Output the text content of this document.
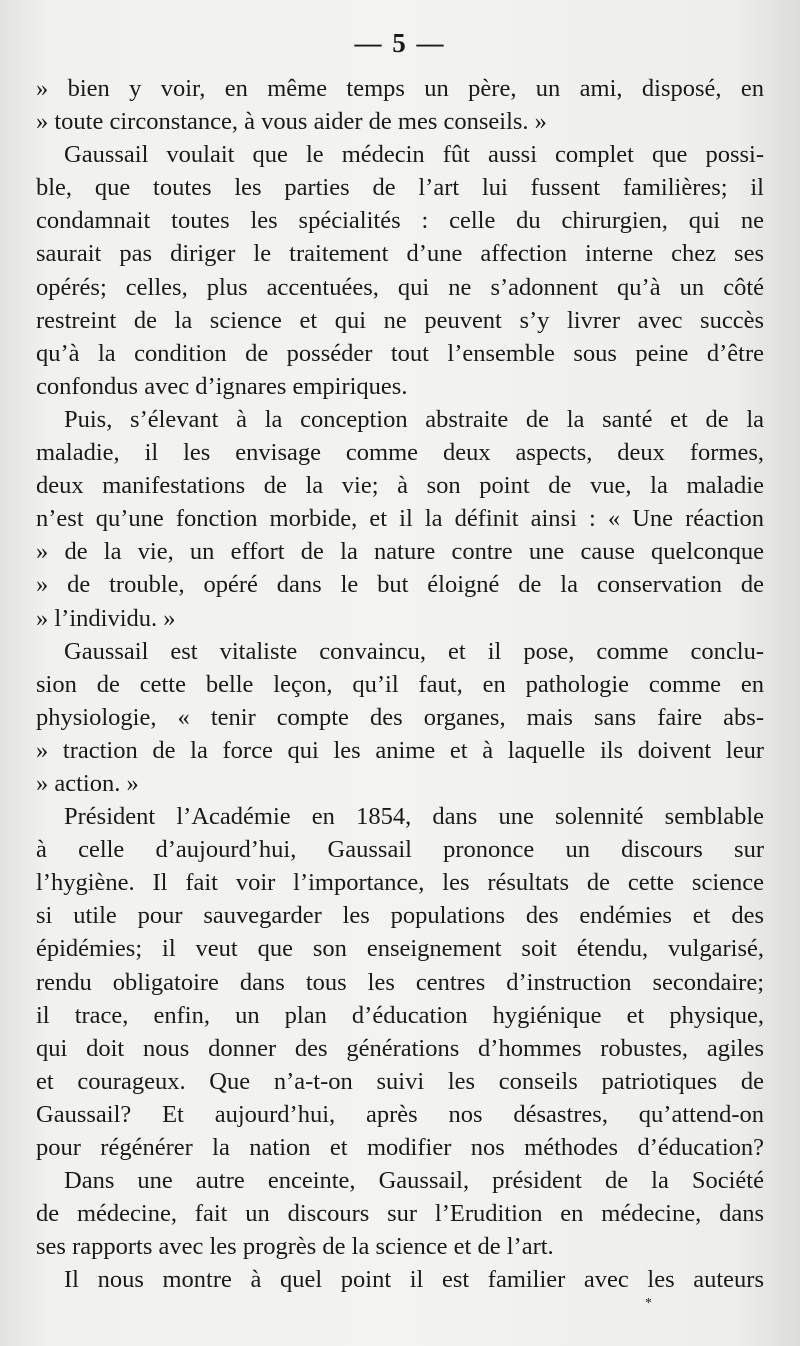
— 5 —
» bien y voir, en même temps un père, un ami, disposé, en
» toute circonstance, à vous aider de mes conseils. »
Gaussail voulait que le médecin fût aussi complet que possi-
ble, que toutes les parties de l’art lui fussent familières; il
condamnait toutes les spécialités : celle du chirurgien, qui ne
saurait pas diriger le traitement d’une affection interne chez ses
opérés; celles, plus accentuées, qui ne s’adonnent qu’à un côté
restreint de la science et qui ne peuvent s’y livrer avec succès
qu’à la condition de posséder tout l’ensemble sous peine d’être
confondus avec d’ignares empiriques.
Puis, s’élevant à la conception abstraite de la santé et de la
maladie, il les envisage comme deux aspects, deux formes,
deux manifestations de la vie; à son point de vue, la maladie
n’est qu’une fonction morbide, et il la définit ainsi : « Une réaction
» de la vie, un effort de la nature contre une cause quelconque
» de trouble, opéré dans le but éloigné de la conservation de
» l’individu. »
Gaussail est vitaliste convaincu, et il pose, comme conclu-
sion de cette belle leçon, qu’il faut, en pathologie comme en
physiologie, « tenir compte des organes, mais sans faire abs-
» traction de la force qui les anime et à laquelle ils doivent leur
» action. »
Président l’Académie en 1854, dans une solennité semblable
à celle d’aujourd’hui, Gaussail prononce un discours sur
l’hygiène. Il fait voir l’importance, les résultats de cette science
si utile pour sauvegarder les populations des endémies et des
épidémies; il veut que son enseignement soit étendu, vulgarisé,
rendu obligatoire dans tous les centres d’instruction secondaire;
il trace, enfin, un plan d’éducation hygiénique et physique,
qui doit nous donner des générations d’hommes robustes, agiles
et courageux. Que n’a-t-on suivi les conseils patriotiques de
Gaussail? Et aujourd’hui, après nos désastres, qu’attend-on
pour régénérer la nation et modifier nos méthodes d’éducation?
Dans une autre enceinte, Gaussail, président de la Société
de médecine, fait un discours sur l’Erudition en médecine, dans
ses rapports avec les progrès de la science et de l’art.
Il nous montre à quel point il est familier avec les auteurs
*
